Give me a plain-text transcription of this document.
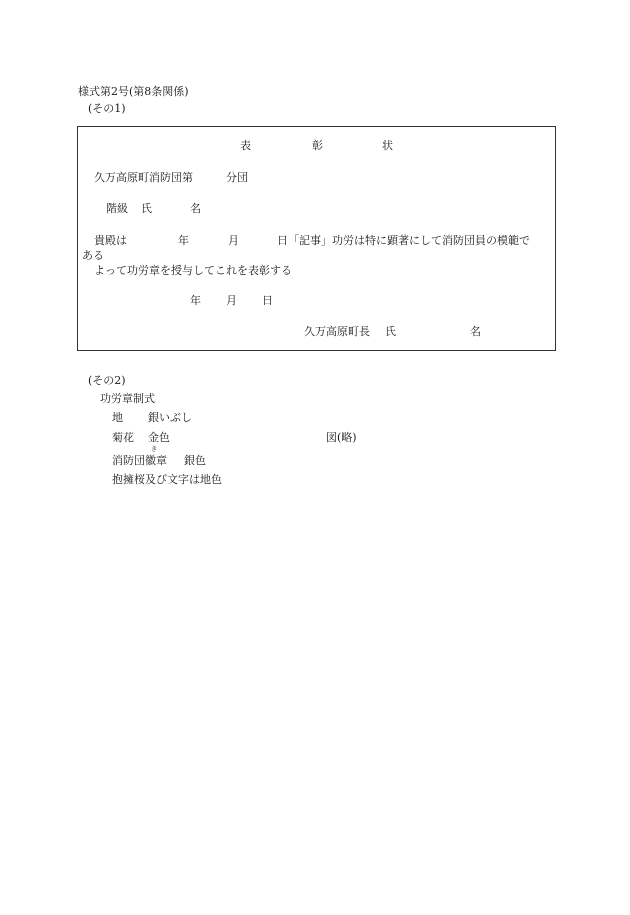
様式第2号(第8条関係)
(その1)
表	彰	状
久万高原町消防団第	分団
階級 氏	名
貴殿は	年	月	日「記事」功労は特に顕著にして消防団員の模範で
ある
よって功労章を授与してこれを表彰する
年 月 日
久万高原町長 氏	名
(その2)
功労章制式
地 銀いぶし
菊花 金色	図(略)
き
消防団徽章 銀色
抱擁桜及び文字は地色
